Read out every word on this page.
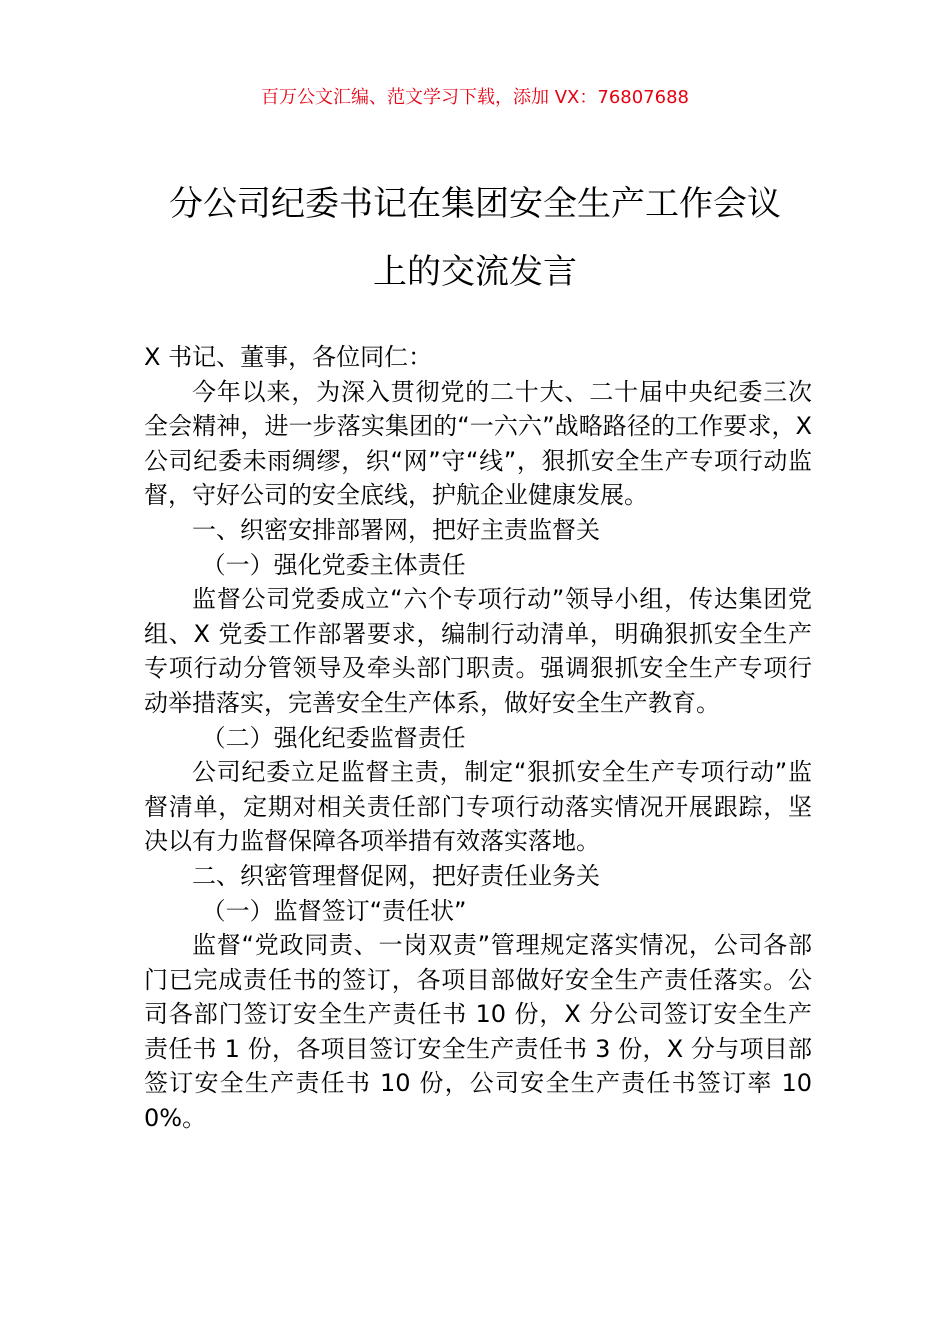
百万公文汇编、范文学习下载，添加 VX：76807688
分公司纪委书记在集团安全生产工作会议
上的交流发言

X 书记、董事，各位同仁：

今年以来，为深入贯彻党的二十大、二十届中央纪委三次全会精神，进一步落实集团的“一六六”战略路径的工作要求，X 公司纪委未雨绸缪，织“网”守“线”，狠抓安全生产专项行动监督，守好公司的安全底线，护航企业健康发展。

一、织密安排部署网，把好主责监督关

（一）强化党委主体责任

监督公司党委成立“六个专项行动”领导小组，传达集团党组、X 党委工作部署要求，编制行动清单，明确狠抓安全生产专项行动分管领导及牵头部门职责。强调狠抓安全生产专项行动举措落实，完善安全生产体系，做好安全生产教育。

（二）强化纪委监督责任

公司纪委立足监督主责，制定“狠抓安全生产专项行动”监督清单，定期对相关责任部门专项行动落实情况开展跟踪，坚决以有力监督保障各项举措有效落实落地。

二、织密管理督促网，把好责任业务关

（一）监督签订“责任状”

监督“党政同责、一岗双责”管理规定落实情况，公司各部门已完成责任书的签订，各项目部做好安全生产责任落实。公司各部门签订安全生产责任书 10 份，X 分公司签订安全生产责任书 1 份，各项目签订安全生产责任书 3 份，X 分与项目部签订安全生产责任书 10 份，公司安全生产责任书签订率 100%。
